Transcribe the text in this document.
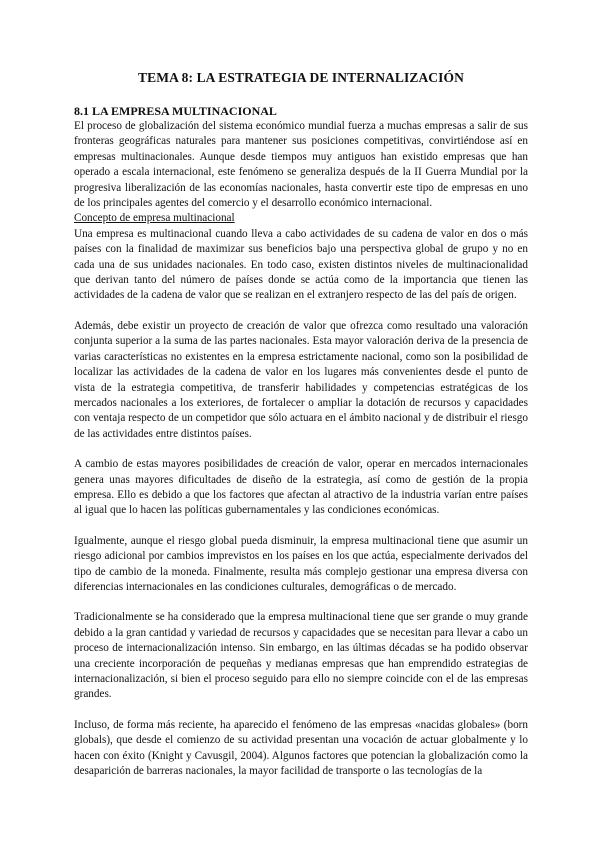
TEMA 8: LA ESTRATEGIA DE INTERNALIZACIÓN
8.1 LA EMPRESA MULTINACIONAL

El proceso de globalización del sistema económico mundial fuerza a muchas empresas a salir de sus fronteras geográficas naturales para mantener sus posiciones competitivas, convirtiéndose así en empresas multinacionales. Aunque desde tiempos muy antiguos han existido empresas que han operado a escala internacional, este fenómeno se generaliza después de la II Guerra Mundial por la progresiva liberalización de las economías nacionales, hasta convertir este tipo de empresas en uno de los principales agentes del comercio y el desarrollo económico internacional.

Concepto de empresa multinacional

Una empresa es multinacional cuando lleva a cabo actividades de su cadena de valor en dos o más países con la finalidad de maximizar sus beneficios bajo una perspectiva global de grupo y no en cada una de sus unidades nacionales. En todo caso, existen distintos niveles de multinacionalidad que derivan tanto del número de países donde se actúa como de la importancia que tienen las actividades de la cadena de valor que se realizan en el extranjero respecto de las del país de origen.

Además, debe existir un proyecto de creación de valor que ofrezca como resultado una valoración conjunta superior a la suma de las partes nacionales. Esta mayor valoración deriva de la presencia de varias características no existentes en la empresa estrictamente nacional, como son la posibilidad de localizar las actividades de la cadena de valor en los lugares más convenientes desde el punto de vista de la estrategia competitiva, de transferir habilidades y competencias estratégicas de los mercados nacionales a los exteriores, de fortalecer o ampliar la dotación de recursos y capacidades con ventaja respecto de un competidor que sólo actuara en el ámbito nacional y de distribuir el riesgo de las actividades entre distintos países.

A cambio de estas mayores posibilidades de creación de valor, operar en mercados internacionales genera unas mayores dificultades de diseño de la estrategia, así como de gestión de la propia empresa. Ello es debido a que los factores que afectan al atractivo de la industria varían entre países al igual que lo hacen las políticas gubernamentales y las condiciones económicas.

Igualmente, aunque el riesgo global pueda disminuir, la empresa multinacional tiene que asumir un riesgo adicional por cambios imprevistos en los países en los que actúa, especialmente derivados del tipo de cambio de la moneda. Finalmente, resulta más complejo gestionar una empresa diversa con diferencias internacionales en las condiciones culturales, demográficas o de mercado.

Tradicionalmente se ha considerado que la empresa multinacional tiene que ser grande o muy grande debido a la gran cantidad y variedad de recursos y capacidades que se necesitan para llevar a cabo un proceso de internacionalización intenso. Sin embargo, en las últimas décadas se ha podido observar una creciente incorporación de pequeñas y medianas empresas que han emprendido estrategias de internacionalización, si bien el proceso seguido para ello no siempre coincide con el de las empresas grandes.

Incluso, de forma más reciente, ha aparecido el fenómeno de las empresas «nacidas globales» (born globals), que desde el comienzo de su actividad presentan una vocación de actuar globalmente y lo hacen con éxito (Knight y Cavusgil, 2004). Algunos factores que potencian la globalización como la desaparición de barreras nacionales, la mayor facilidad de transporte o las tecnologías de la
